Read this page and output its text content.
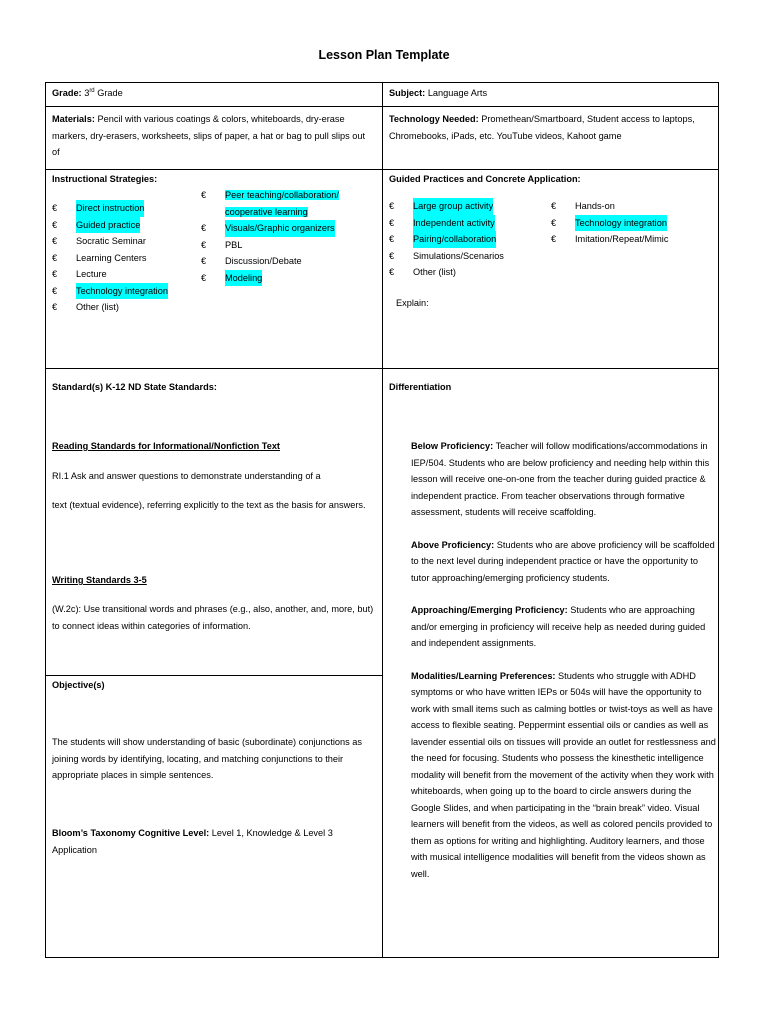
Lesson Plan Template
Grade: 3rd Grade	Subject: Language Arts
Materials: Pencil with various coatings & colors, whiteboards, dry-erase markers, dry-erasers, worksheets, slips of paper, a hat or bag to pull slips out of
Technology Needed: Promethean/Smartboard, Student access to laptops, Chromebooks, iPads, etc. YouTube videos, Kahoot game
Instructional Strategies:
€	Direct instruction
€	Guided practice
€	Socratic Seminar
€	Learning Centers
€	Lecture
€	Technology integration
€	Other (list)
€	Peer teaching/collaboration/
cooperative learning
€	Visuals/Graphic organizers
€	PBL
€	Discussion/Debate
€	Modeling
Guided Practices and Concrete Application:
€	Large group activity
€	Independent activity
€	Pairing/collaboration
€	Simulations/Scenarios
€	Other (list)
€	Hands-on
€	Technology integration
€	Imitation/Repeat/Mimic
Explain:
Standard(s) K-12 ND State Standards:
Reading Standards for Informational/Nonfiction Text
RI.1 Ask and answer questions to demonstrate understanding of a
text (textual evidence), referring explicitly to the text as the basis for answers.
Writing Standards 3-5
(W.2c): Use transitional words and phrases (e.g., also, another, and, more, but) to connect ideas within categories of information.
Objective(s)
The students will show understanding of basic (subordinate) conjunctions as joining words by identifying, locating, and matching conjunctions to their appropriate places in simple sentences.
Bloom’s Taxonomy Cognitive Level: Level 1, Knowledge & Level 3 Application
Differentiation

Below Proficiency: Teacher will follow modifications/accommodations in IEP/504. Students who are below proficiency and needing help within this lesson will receive one-on-one from the teacher during guided practice & independent practice. From teacher observations through formative assessment, students will receive scaffolding.

Above Proficiency: Students who are above proficiency will be scaffolded to the next level during independent practice or have the opportunity to tutor approaching/emerging proficiency students.

Approaching/Emerging Proficiency: Students who are approaching and/or emerging in proficiency will receive help as needed during guided and independent assignments.

Modalities/Learning Preferences: Students who struggle with ADHD symptoms or who have written IEPs or 504s will have the opportunity to work with small items such as calming bottles or twist-toys as well as have access to flexible seating. Peppermint essential oils or candies as well as lavender essential oils on tissues will provide an outlet for restlessness and the need for focusing. Students who possess the kinesthetic intelligence modality will benefit from the movement of the activity when they work with whiteboards, when going up to the board to circle answers during the Google Slides, and when participating in the “brain break” video. Visual learners will benefit from the videos, as well as colored pencils provided to them as options for writing and highlighting. Auditory learners, and those with musical intelligence modalities will benefit from the videos shown as well.
